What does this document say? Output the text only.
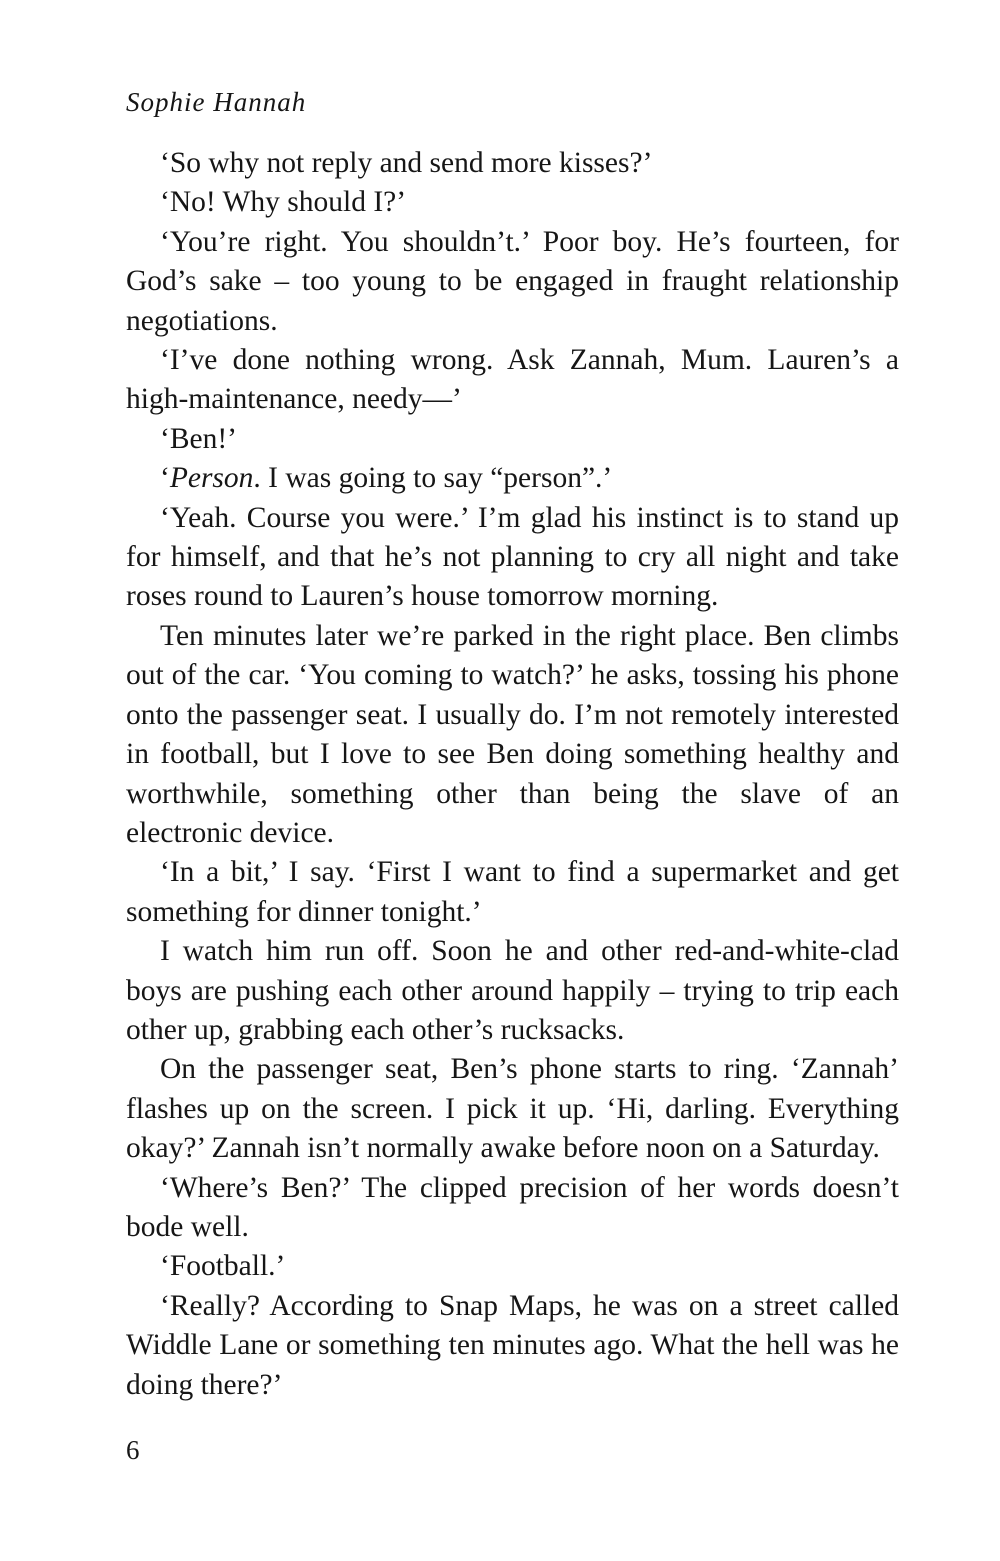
Sophie Hannah

‘So why not reply and send more kisses?’

‘No! Why should I?’

‘You’re right. You shouldn’t.’ Poor boy. He’s fourteen, for God’s sake – too young to be engaged in fraught relationship negotiations.

‘I’ve done nothing wrong. Ask Zannah, Mum. Lauren’s a high-maintenance, needy—’

‘Ben!’

‘Person. I was going to say “person”.’

‘Yeah. Course you were.’ I’m glad his instinct is to stand up for himself, and that he’s not planning to cry all night and take roses round to Lauren’s house tomorrow morning.

Ten minutes later we’re parked in the right place. Ben climbs out of the car. ‘You coming to watch?’ he asks, tossing his phone onto the passenger seat. I usually do. I’m not remotely interested in football, but I love to see Ben doing something healthy and worthwhile, something other than being the slave of an electronic device.

‘In a bit,’ I say. ‘First I want to find a supermarket and get something for dinner tonight.’

I watch him run off. Soon he and other red-and-white-clad boys are pushing each other around happily – trying to trip each other up, grabbing each other’s rucksacks.

On the passenger seat, Ben’s phone starts to ring. ‘Zannah’ flashes up on the screen. I pick it up. ‘Hi, darling. Everything okay?’ Zannah isn’t normally awake before noon on a Saturday.

‘Where’s Ben?’ The clipped precision of her words doesn’t bode well.

‘Football.’

‘Really? According to Snap Maps, he was on a street called Widdle Lane or something ten minutes ago. What the hell was he doing there?’

6
